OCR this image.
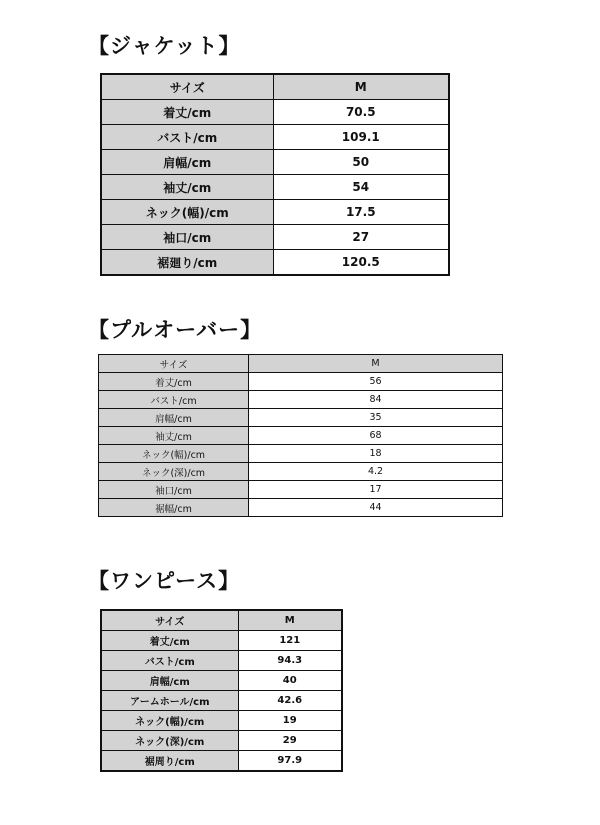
【ジャケット】
サイズ	M
着丈/cm	70.5
バスト/cm	109.1
肩幅/cm	50
袖丈/cm	54
ネック(幅)/cm	17.5
袖口/cm	27
裾廻り/cm	120.5
【プルオーバー】
サイズ	M
着丈/cm	56
バスト/cm	84
肩幅/cm	35
袖丈/cm	68
ネック(幅)/cm	18
ネック(深)/cm	4.2
袖口/cm	17
裾幅/cm	44
【ワンピース】
サイズ	M
着丈/cm	121
バスト/cm	94.3
肩幅/cm	40
アームホール/cm	42.6
ネック(幅)/cm	19
ネック(深)/cm	29
裾周り/cm	97.9
